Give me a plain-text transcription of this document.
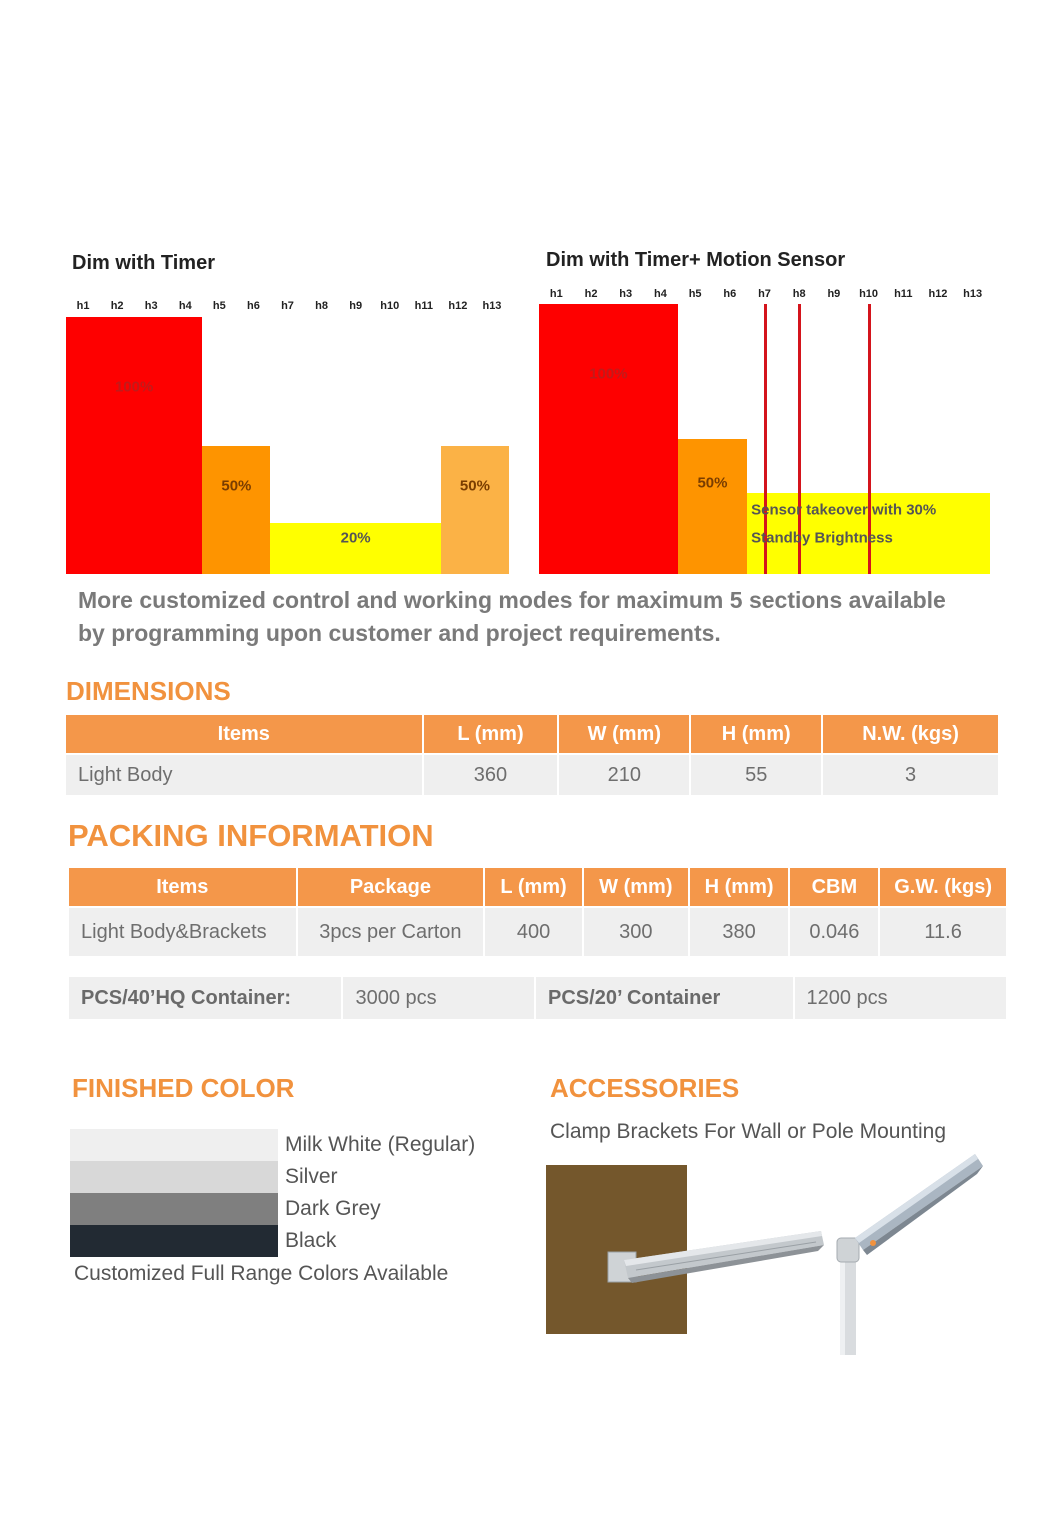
Dim with Timer
h1 h2 h3 h4 h5 h6 h7 h8 h9 h10 h11 h12 h13
100%
50%
20%
50%
Dim with Timer+ Motion Sensor
h1 h2 h3 h4 h5 h6 h7 h8 h9 h10 h11 h12 h13
100%
50%
Sensor takeover with 30%
Standby Brightness
More customized control and working modes for maximum 5 sections available
by programming upon customer and project requirements.
DIMENSIONS
Items	L (mm)	W (mm)	H (mm)	N.W. (kgs)
Light Body	360	210	55	3
PACKING INFORMATION
Items	Package	L (mm)	W (mm)	H (mm)	CBM	G.W. (kgs)
Light Body&Brackets	3pcs per Carton	400	300	380	0.046	11.6
PCS/40’HQ Container:	3000 pcs	PCS/20’ Container	1200 pcs
FINISHED COLOR
Milk White (Regular)
Silver
Dark Grey
Black
Customized Full Range Colors Available
ACCESSORIES
Clamp Brackets For Wall or Pole Mounting
